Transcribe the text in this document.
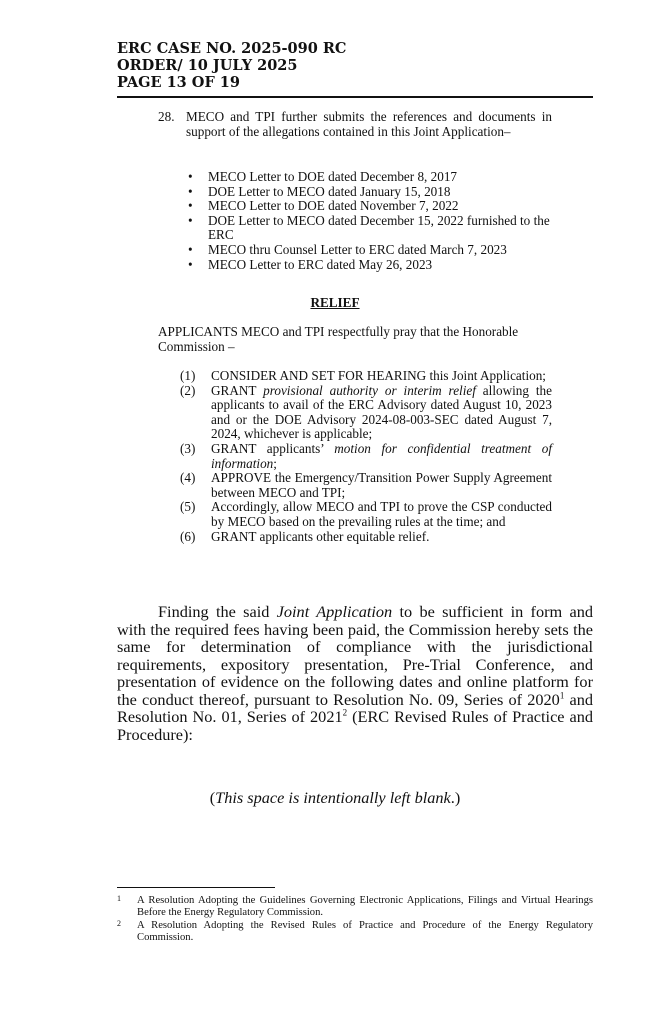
ERC CASE NO. 2025-090 RC
ORDER/ 10 JULY 2025
PAGE 13 OF 19
28. MECO and TPI further submits the references and documents in support of the allegations contained in this Joint Application–
• MECO Letter to DOE dated December 8, 2017
• DOE Letter to MECO dated January 15, 2018
• MECO Letter to DOE dated November 7, 2022
• DOE Letter to MECO dated December 15, 2022 furnished to the ERC
• MECO thru Counsel Letter to ERC dated March 7, 2023
• MECO Letter to ERC dated May 26, 2023
RELIEF
APPLICANTS MECO and TPI respectfully pray that the Honorable Commission –
(1) CONSIDER AND SET FOR HEARING this Joint Application;
(2) GRANT provisional authority or interim relief allowing the applicants to avail of the ERC Advisory dated August 10, 2023 and or the DOE Advisory 2024-08-003-SEC dated August 7, 2024, whichever is applicable;
(3) GRANT applicants’ motion for confidential treatment of information;
(4) APPROVE the Emergency/Transition Power Supply Agreement between MECO and TPI;
(5) Accordingly, allow MECO and TPI to prove the CSP conducted by MECO based on the prevailing rules at the time; and
(6) GRANT applicants other equitable relief.

Finding the said Joint Application to be sufficient in form and with the required fees having been paid, the Commission hereby sets the same for determination of compliance with the jurisdictional requirements, expository presentation, Pre-Trial Conference, and presentation of evidence on the following dates and online platform for the conduct thereof, pursuant to Resolution No. 09, Series of 2020$^1$ and Resolution No. 01, Series of 2021$^2$ (ERC Revised Rules of Practice and Procedure):

(This space is intentionally left blank.)
1 A Resolution Adopting the Guidelines Governing Electronic Applications, Filings and Virtual Hearings Before the Energy Regulatory Commission.
2 A Resolution Adopting the Revised Rules of Practice and Procedure of the Energy Regulatory Commission.
